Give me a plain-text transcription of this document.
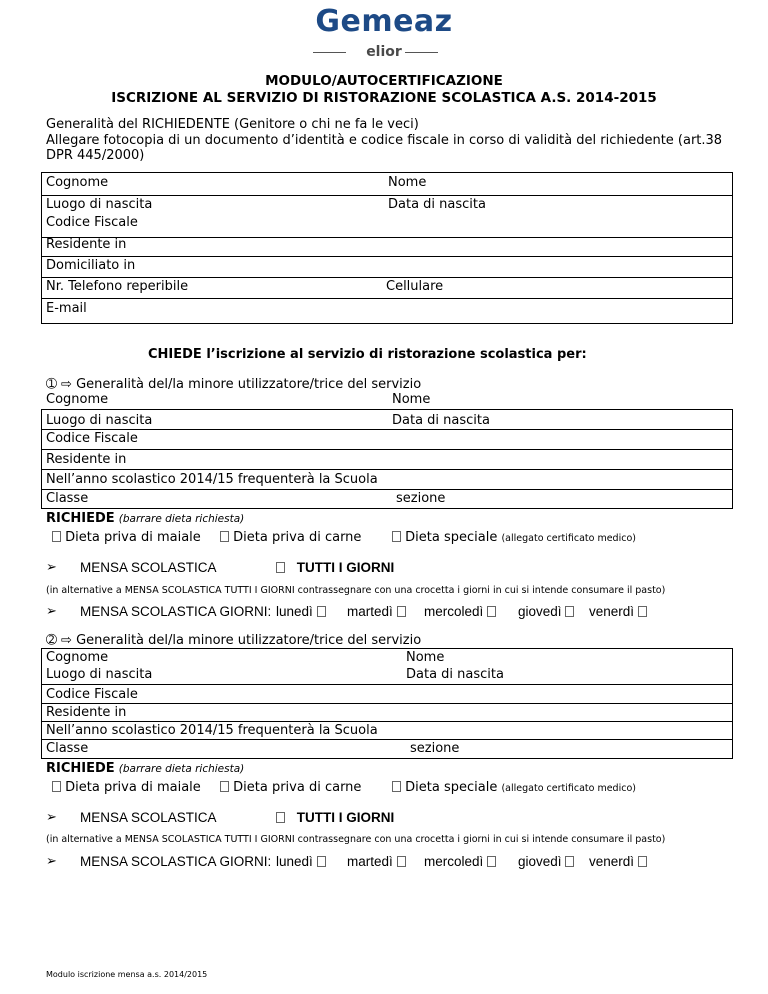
Gemeaz
elior
MODULO/AUTOCERTIFICAZIONE
ISCRIZIONE AL SERVIZIO DI RISTORAZIONE SCOLASTICA A.S. 2014-2015
Generalità del RICHIEDENTE (Genitore o chi ne fa le veci)
Allegare fotocopia di un documento d’identità e codice fiscale in corso di validità del richiedente (art.38
DPR 445/2000)
Cognome	Nome
Luogo di nascita	Data di nascita
Codice Fiscale
Residente in
Domiciliato in
Nr. Telefono reperibile	Cellulare
E-mail
CHIEDE l’iscrizione al servizio di ristorazione scolastica per:
➀ ⇨ Generalità del/la minore utilizzatore/trice del servizio
Cognome	Nome
Luogo di nascita	Data di nascita
Codice Fiscale
Residente in
Nell’anno scolastico 2014/15 frequenterà la Scuola
Classe	sezione
RICHIEDE (barrare dieta richiesta)
Dieta priva di maiale	Dieta priva di carne	Dieta speciale (allegato certificato medico)
➢ MENSA SCOLASTICA	TUTTI I GIORNI
(in alternative a MENSA SCOLASTICA TUTTI I GIORNI contrassegnare con una crocetta i giorni in cui si intende consumare il pasto)
➢ MENSA SCOLASTICA GIORNI: lunedì	martedì	mercoledì	giovedì	venerdì
➁ ⇨ Generalità del/la minore utilizzatore/trice del servizio
Cognome	Nome
Luogo di nascita	Data di nascita
Codice Fiscale
Residente in
Nell’anno scolastico 2014/15 frequenterà la Scuola
Classe	sezione
RICHIEDE (barrare dieta richiesta)
Dieta priva di maiale	Dieta priva di carne	Dieta speciale (allegato certificato medico)
➢ MENSA SCOLASTICA	TUTTI I GIORNI
(in alternative a MENSA SCOLASTICA TUTTI I GIORNI contrassegnare con una crocetta i giorni in cui si intende consumare il pasto)
➢ MENSA SCOLASTICA GIORNI: lunedì	martedì	mercoledì	giovedì	venerdì
Modulo iscrizione mensa a.s. 2014/2015
